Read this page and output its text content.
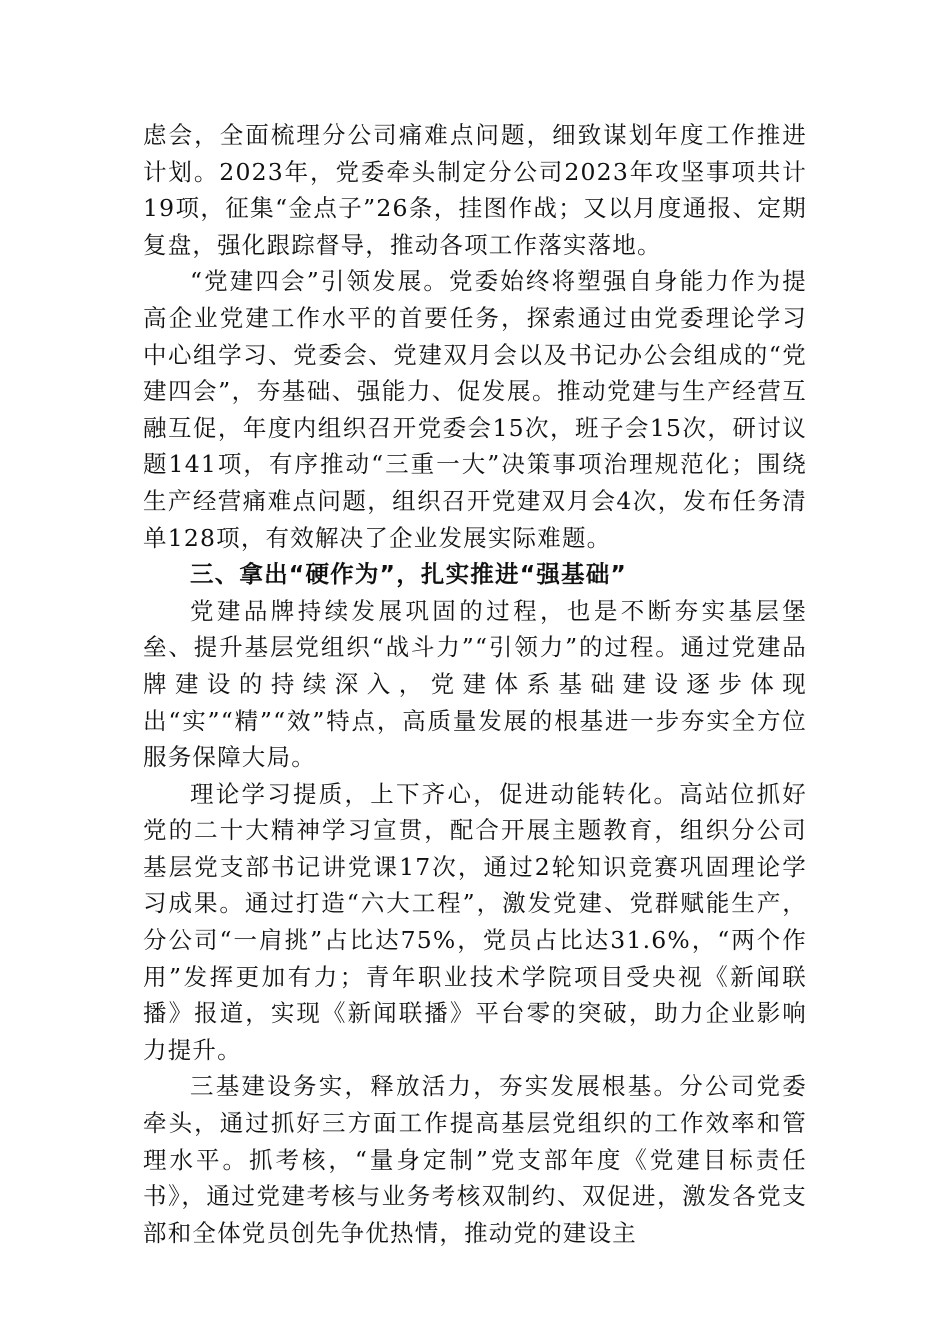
虑会，全面梳理分公司痛难点问题，细致谋划年度工作推进计划。2023年，党委牵头制定分公司2023年攻坚事项共计19项，征集“金点子”26条，挂图作战；又以月度通报、定期复盘，强化跟踪督导，推动各项工作落实落地。

“党建四会”引领发展。党委始终将塑强自身能力作为提高企业党建工作水平的首要任务，探索通过由党委理论学习中心组学习、党委会、党建双月会以及书记办公会组成的“党建四会”，夯基础、强能力、促发展。推动党建与生产经营互融互促，年度内组织召开党委会15次，班子会15次，研讨议题141项，有序推动“三重一大”决策事项治理规范化；围绕生产经营痛难点问题，组织召开党建双月会4次，发布任务清单128项，有效解决了企业发展实际难题。

三、拿出“硬作为”，扎实推进“强基础”

党建品牌持续发展巩固的过程，也是不断夯实基层堡垒、提升基层党组织“战斗力”“引领力”的过程。通过党建品牌建设的持续深入，党建体系基础建设逐步体现出“实”“精”“效”特点，高质量发展的根基进一步夯实全方位服务保障大局。

理论学习提质，上下齐心，促进动能转化。高站位抓好党的二十大精神学习宣贯，配合开展主题教育，组织分公司基层党支部书记讲党课17次，通过2轮知识竞赛巩固理论学习成果。通过打造“六大工程”，激发党建、党群赋能生产，分公司“一肩挑”占比达75%，党员占比达31.6%，“两个作用”发挥更加有力；青年职业技术学院项目受央视《新闻联播》报道，实现《新闻联播》平台零的突破，助力企业影响力提升。

三基建设务实，释放活力，夯实发展根基。分公司党委牵头，通过抓好三方面工作提高基层党组织的工作效率和管理水平。抓考核，“量身定制”党支部年度《党建目标责任书》，通过党建考核与业务考核双制约、双促进，激发各党支部和全体党员创先争优热情，推动党的建设主
